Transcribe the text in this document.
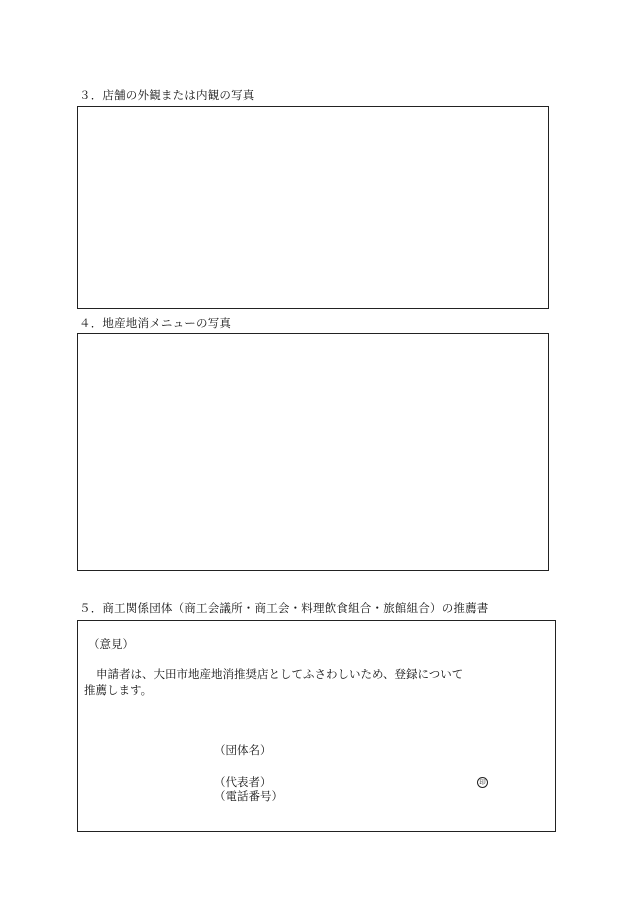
３．店舗の外観または内観の写真
４．地産地消メニューの写真
５．商工関係団体（商工会議所・商工会・料理飲食組合・旅館組合）の推薦書
（意見）
申請者は、大田市地産地消推奨店としてふさわしいため、登録について
推薦します。
（団体名）
（代表者）	印
（電話番号）
